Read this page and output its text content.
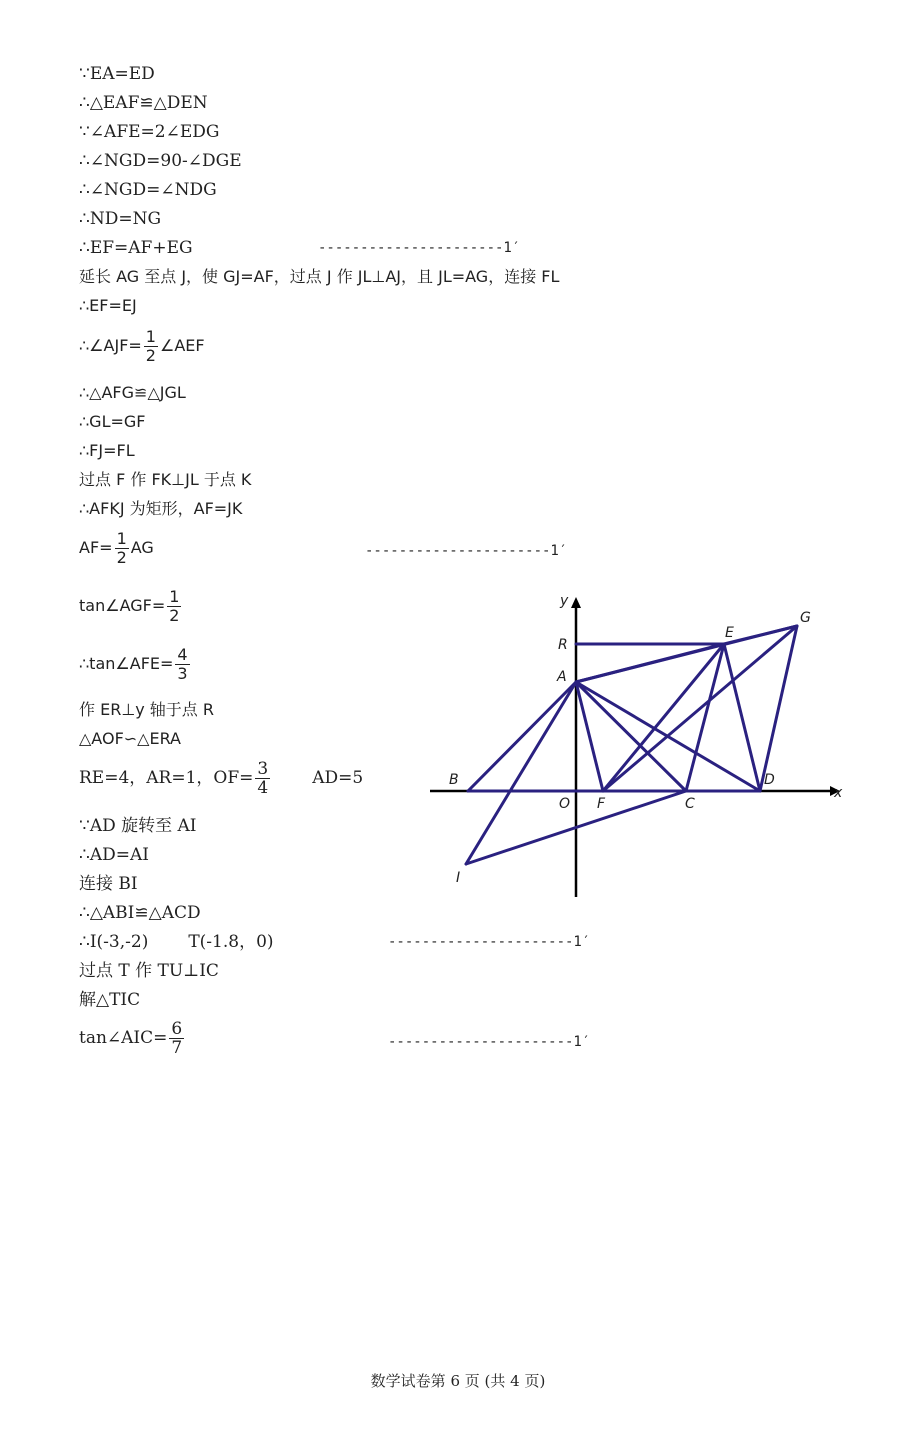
∵EA=ED
∴△EAF≌△DEN
∵∠AFE=2∠EDG
∴∠NGD=90-∠DGE
∴∠NGD=∠NDG
∴ND=NG
∴EF=AF+EG	----------------------1′
延长 AG 至点 J，使 GJ=AF，过点 J 作 JL⊥AJ，且 JL=AG，连接 FL
∴EF=EJ
∴∠AJF= $\frac{1}{2}$ ∠AEF
∴△AFG≌△JGL
∴GL=GF
∴FJ=FL
过点 F 作 FK⊥JL 于点 K
∴AFKJ 为矩形，AF=JK
$AF= \frac{1}{2}$ AG	----------------------1′
tan∠AGF= $\frac{1}{2}$
∴tan∠AFE= $\frac{4}{3}$
作 ER⊥y 轴于点 R
△AOF∽△ERA
RE=4，AR=1，$OF= \frac{3}{4} AD=5$
∵AD 旋转至 AI
∴AD=AI
连接 BI
∴△ABI≌△ACD
∴I(-3,-2) T(-1.8，0)	----------------------1′
过点 T 作 TU⊥IC
解△TIC
tan∠AIC= $\frac{6}{7}$	----------------------1′
y
x
R
E
G
A
B
O F	C
D
I
数学试卷第 6 页 (共 4 页)
